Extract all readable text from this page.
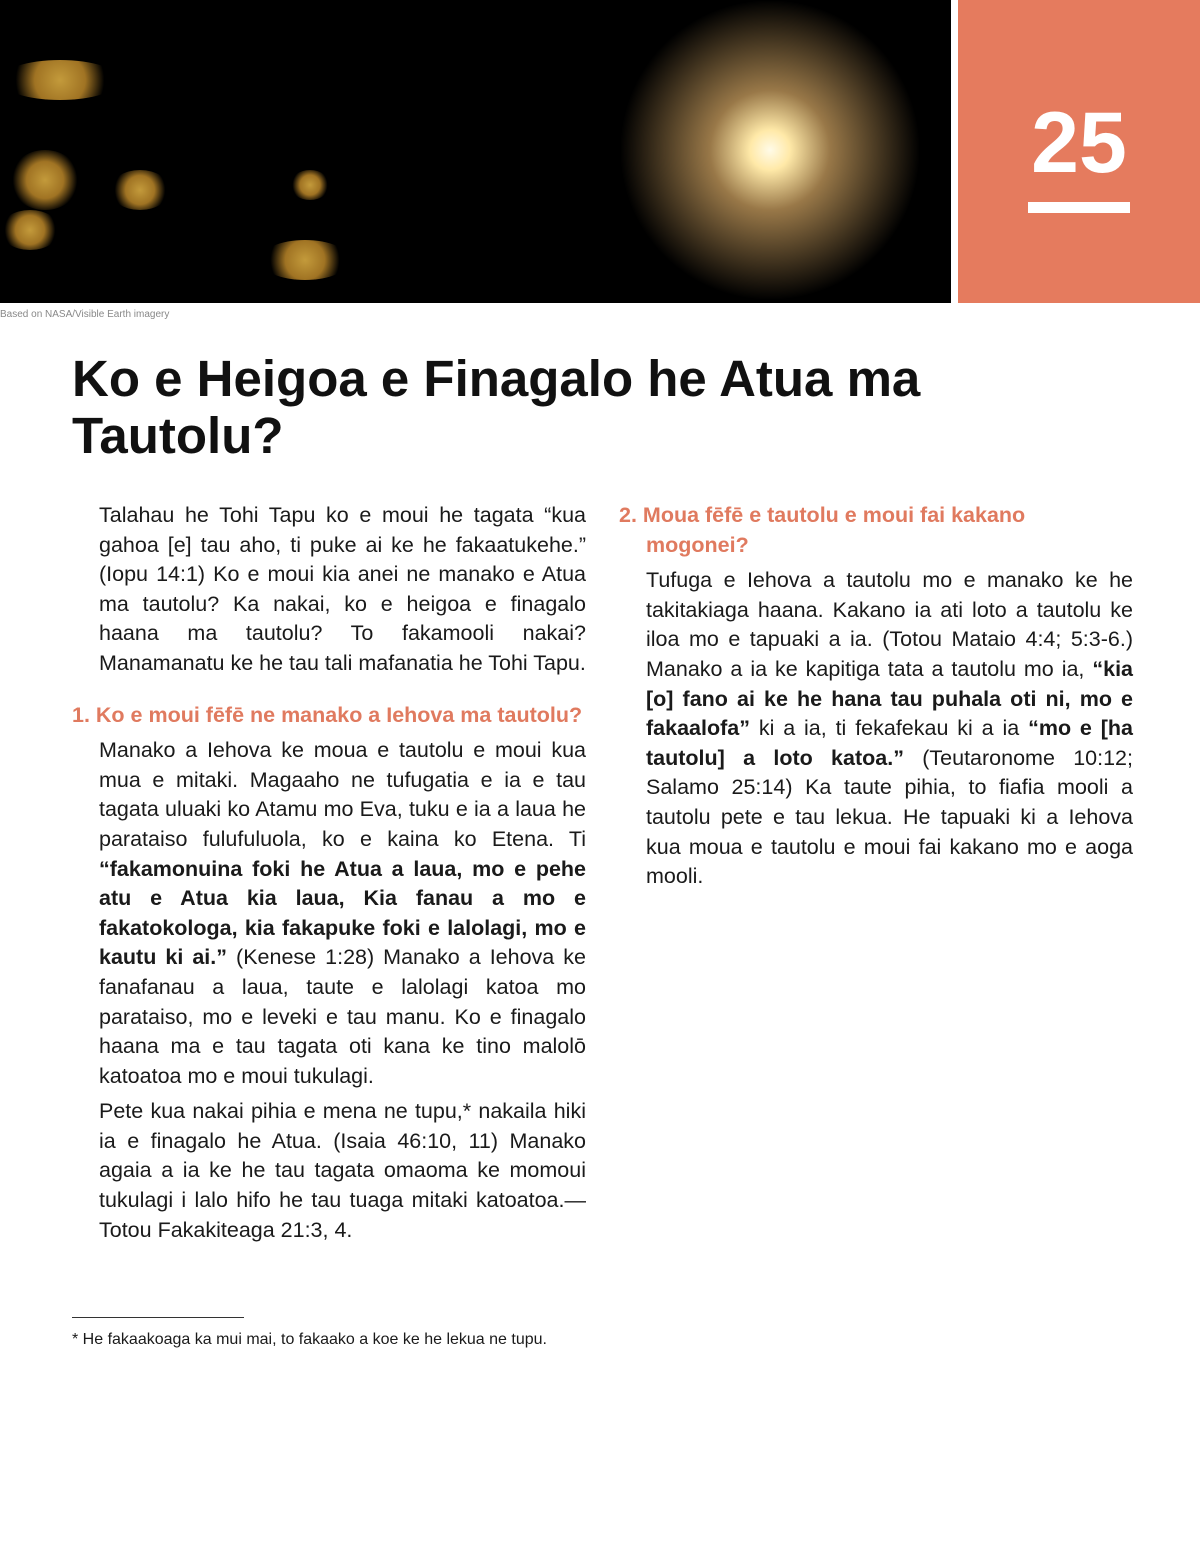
25
Based on NASA/Visible Earth imagery
Ko e Heigoa e Finagalo he Atua ma Tautolu?

Talahau he Tohi Tapu ko e moui he tagata “kua gahoa [e] tau aho, ti puke ai ke he fakaatukehe.” (Iopu 14:1) Ko e moui kia anei ne manako e Atua ma tautolu? Ka nakai, ko e heigoa e finagalo haana ma tautolu? To fakamooli nakai? Manamanatu ke he tau tali mafanatia he Tohi Tapu.

1. Ko e moui fēfē ne manako a Iehova ma tautolu?

Manako a Iehova ke moua e tautolu e moui kua mua e mitaki. Magaaho ne tufugatia e ia e tau tagata uluaki ko Atamu mo Eva, tuku e ia a laua he parataiso fulufuluola, ko e kaina ko Etena. Ti “fakamonuina foki he Atua a laua, mo e pehe atu e Atua kia laua, Kia fanau a mo e fakatokologa, kia fakapuke foki e lalolagi, mo e kautu ki ai.” (Kenese 1:28) Manako a Iehova ke fanafanau a laua, taute e lalolagi katoa mo parataiso, mo e leveki e tau manu. Ko e finagalo haana ma e tau tagata oti kana ke tino malolō katoatoa mo e moui tukulagi.

Pete kua nakai pihia e mena ne tupu,* nakaila hiki ia e finagalo he Atua. (Isaia 46:10, 11) Manako agaia a ia ke he tau tagata omaoma ke momoui tukulagi i lalo hifo he tau tuaga mitaki katoatoa.—Totou Fakakiteaga 21:3, 4.

2. Moua fēfē e tautolu e moui fai kakano mogonei?

Tufuga e Iehova a tautolu mo e manako ke he takitakiaga haana. Kakano ia ati loto a tautolu ke iloa mo e tapuaki a ia. (Totou Mataio 4:4; 5:​3-6.) Manako a ia ke kapitiga tata a tautolu mo ia, “kia [o] fano ai ke he hana tau puhala oti ni, mo e fakaalofa” ki a ia, ti fekafekau ki a ia “mo e [ha tautolu] a loto katoa.” (Teutaronome 10:12; Salamo 25:14) Ka taute pihia, to fiafia mooli a tautolu pete e tau lekua. He tapuaki ki a Iehova kua moua e tautolu e moui fai kakano mo e aoga mooli.

* He fakaakoaga ka mui mai, to fakaako a koe ke he lekua ne tupu.
